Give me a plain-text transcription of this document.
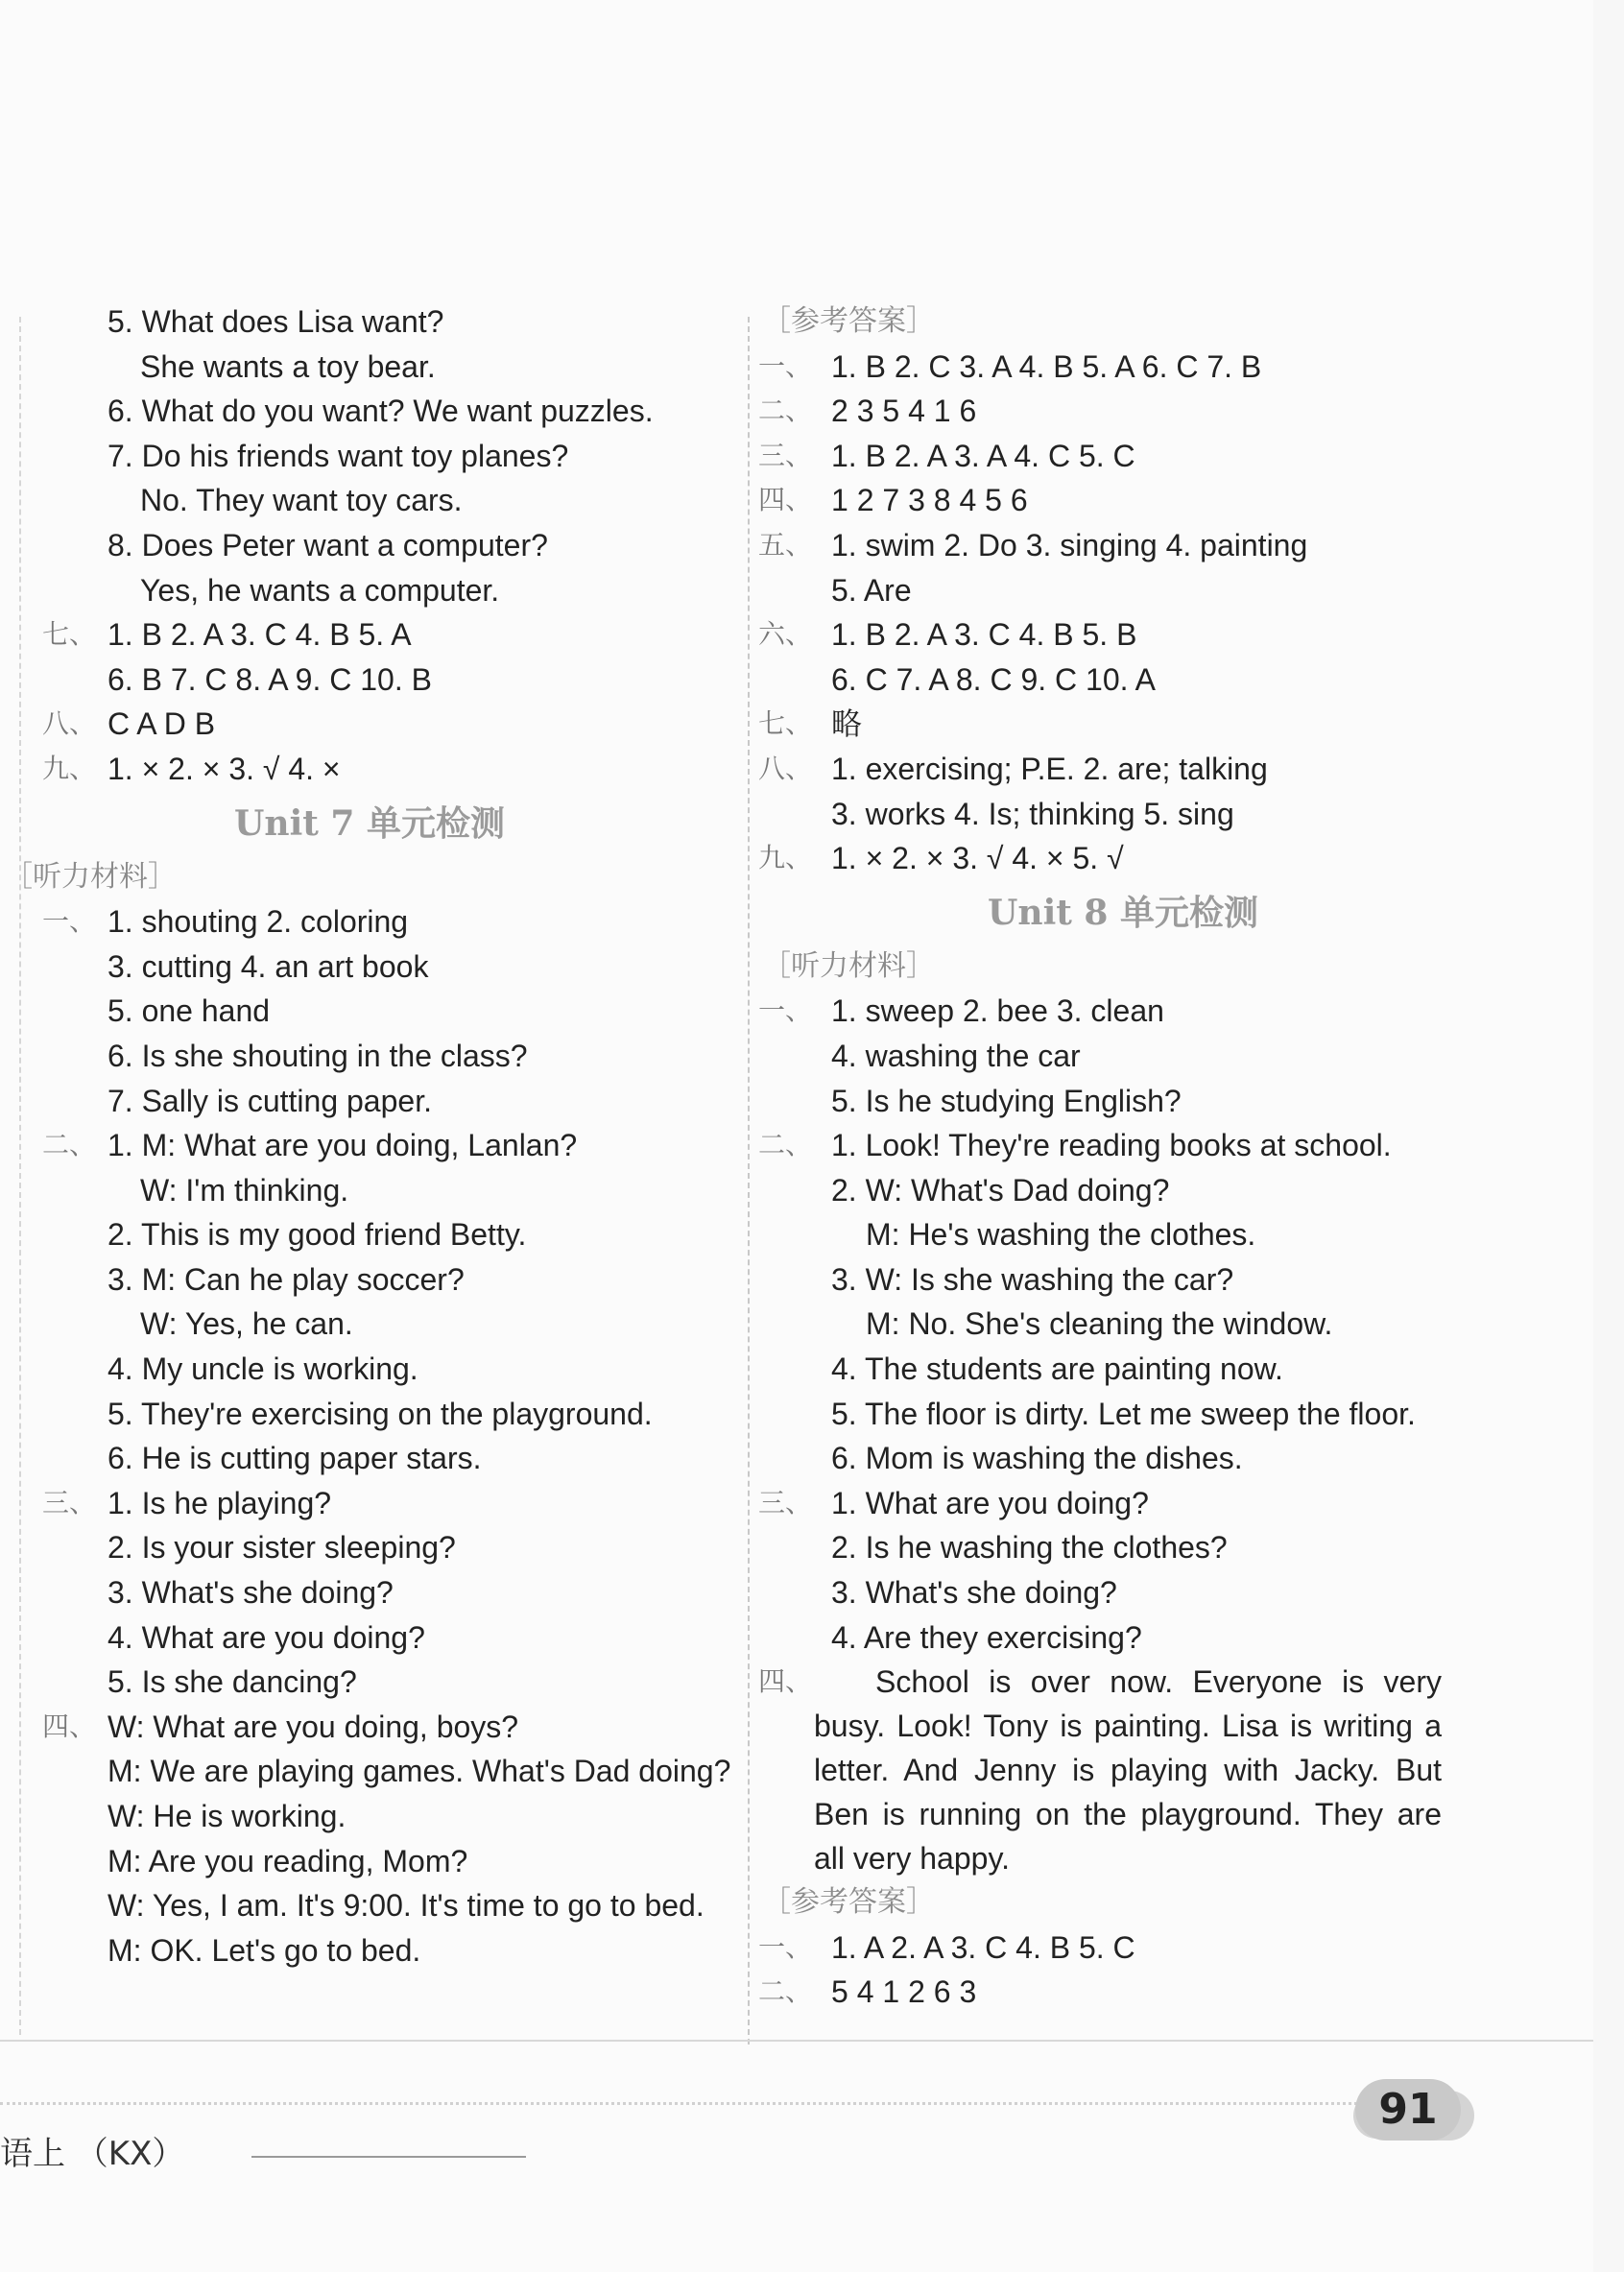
5. What does Lisa want?
She wants a toy bear.
6. What do you want? We want puzzles.
7. Do his friends want toy planes?
No. They want toy cars.
8. Does Peter want a computer?
Yes, he wants a computer.
七、 1. B 2. A 3. C 4. B 5. A
6. B 7. C 8. A 9. C 10. B
八、 C A D B
九、 1. × 2. × 3. √ 4. ×
Unit 7 单元检测
［听力材料］
一、 1. shouting 2. coloring
3. cutting 4. an art book
5. one hand
6. Is she shouting in the class?
7. Sally is cutting paper.
二、 1. M: What are you doing, Lanlan?
W: I'm thinking.
2. This is my good friend Betty.
3. M: Can he play soccer?
W: Yes, he can.
4. My uncle is working.
5. They're exercising on the playground.
6. He is cutting paper stars.
三、 1. Is he playing?
2. Is your sister sleeping?
3. What's she doing?
4. What are you doing?
5. Is she dancing?
四、 W: What are you doing, boys?
M: We are playing games. What's Dad doing?
W: He is working.
M: Are you reading, Mom?
W: Yes, I am. It's 9:00. It's time to go to bed.
M: OK. Let's go to bed.
［参考答案］
一、 1. B 2. C 3. A 4. B 5. A 6. C 7. B
二、 2 3 5 4 1 6
三、 1. B 2. A 3. A 4. C 5. C
四、 1 2 7 3 8 4 5 6
五、 1. swim 2. Do 3. singing 4. painting
5. Are
六、 1. B 2. A 3. C 4. B 5. B
6. C 7. A 8. C 9. C 10. A
七、 略
八、 1. exercising; P.E. 2. are; talking
3. works 4. Is; thinking 5. sing
九、 1. × 2. × 3. √ 4. × 5. √
Unit 8 单元检测
［听力材料］
一、 1. sweep 2. bee 3. clean
4. washing the car
5. Is he studying English?
二、 1. Look! They're reading books at school.
2. W: What's Dad doing?
M: He's washing the clothes.
3. W: Is she washing the car?
M: No. She's cleaning the window.
4. The students are painting now.
5. The floor is dirty. Let me sweep the floor.
6. Mom is washing the dishes.
三、 1. What are you doing?
2. Is he washing the clothes?
3. What's she doing?
4. Are they exercising?
四、	School is over now. Everyone is very busy. Look! Tony is painting. Lisa is writing a letter. And Jenny is playing with Jacky. But Ben is running on the playground. They are all very happy.
［参考答案］
一、 1. A 2. A 3. C 4. B 5. C
二、 5 4 1 2 6 3
语上 （KX）
91
